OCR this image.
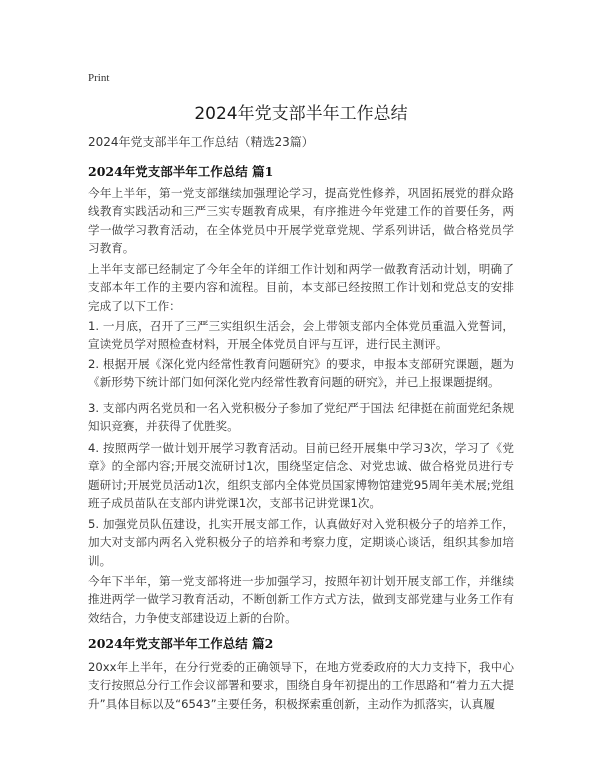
Print
2024年党支部半年工作总结
2024年党支部半年工作总结（精选23篇）
2024年党支部半年工作总结 篇1

今年上半年，第一党支部继续加强理论学习，提高党性修养，巩固拓展党的群众路线教育实践活动和三严三实专题教育成果，有序推进今年党建工作的首要任务，两学一做学习教育活动，在全体党员中开展学党章党规、学系列讲话，做合格党员学习教育。

上半年支部已经制定了今年全年的详细工作计划和两学一做教育活动计划，明确了支部本年工作的主要内容和流程。目前，本支部已经按照工作计划和党总支的安排完成了以下工作：

1. 一月底，召开了三严三实组织生活会，会上带领支部内全体党员重温入党誓词，宣读党员学对照检查材料，开展全体党员自评与互评，进行民主测评。

2. 根据开展《深化党内经常性教育问题研究》的要求，申报本支部研究课题，题为《新形势下统计部门如何深化党内经常性教育问题的研究》，并已上报课题提纲。

3. 支部内两名党员和一名入党积极分子参加了党纪严于国法 纪律挺在前面党纪条规知识竞赛，并获得了优胜奖。

4. 按照两学一做计划开展学习教育活动。目前已经开展集中学习3次，学习了《党章》的全部内容;开展交流研讨1次，围绕坚定信念、对党忠诚、做合格党员进行专题研讨;开展党员活动1次，组织支部内全体党员国家博物馆建党95周年美术展;党组班子成员苗队在支部内讲党课1次，支部书记讲党课1次。

5. 加强党员队伍建设，扎实开展支部工作，认真做好对入党积极分子的培养工作，加大对支部内两名入党积极分子的培养和考察力度，定期谈心谈话，组织其参加培训。

今年下半年，第一党支部将进一步加强学习，按照年初计划开展支部工作，并继续推进两学一做学习教育活动，不断创新工作方式方法，做到支部党建与业务工作有效结合，力争使支部建设迈上新的台阶。

2024年党支部半年工作总结 篇2

20xx年上半年，在分行党委的正确领导下，在地方党委政府的大力支持下，我中心支行按照总分行工作会议部署和要求，围绕自身年初提出的工作思路和“着力五大提升”具体目标以及“6543”主要任务，积极探索重创新，主动作为抓落实，认真履
